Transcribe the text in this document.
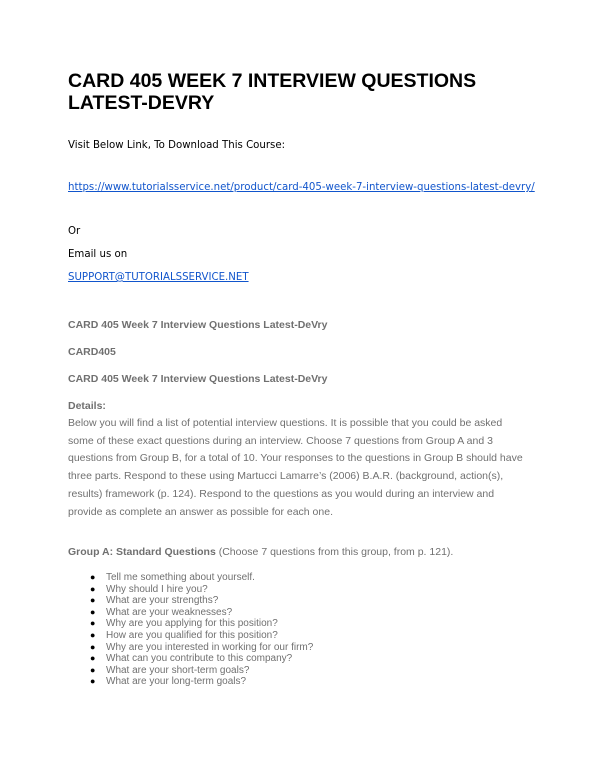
CARD 405 WEEK 7 INTERVIEW QUESTIONS LATEST-DEVRY
Visit Below Link, To Download This Course:
https://www.tutorialsservice.net/product/card-405-week-7-interview-questions-latest-devry/
Or
Email us on
SUPPORT@TUTORIALSSERVICE.NET
CARD 405 Week 7 Interview Questions Latest-DeVry
CARD405
CARD 405 Week 7 Interview Questions Latest-DeVry
Details:

Below you will find a list of potential interview questions. It is possible that you could be asked some of these exact questions during an interview. Choose 7 questions from Group A and 3 questions from Group B, for a total of 10. Your responses to the questions in Group B should have three parts. Respond to these using Martucci Lamarre’s (2006) B.A.R. (background, action(s), results) framework (p. 124). Respond to the questions as you would during an interview and provide as complete an answer as possible for each one.

Group A: Standard Questions (Choose 7 questions from this group, from p. 121).
● Tell me something about yourself.
● Why should I hire you?
● What are your strengths?
● What are your weaknesses?
● Why are you applying for this position?
● How are you qualified for this position?
● Why are you interested in working for our firm?
● What can you contribute to this company?
● What are your short-term goals?
● What are your long-term goals?
